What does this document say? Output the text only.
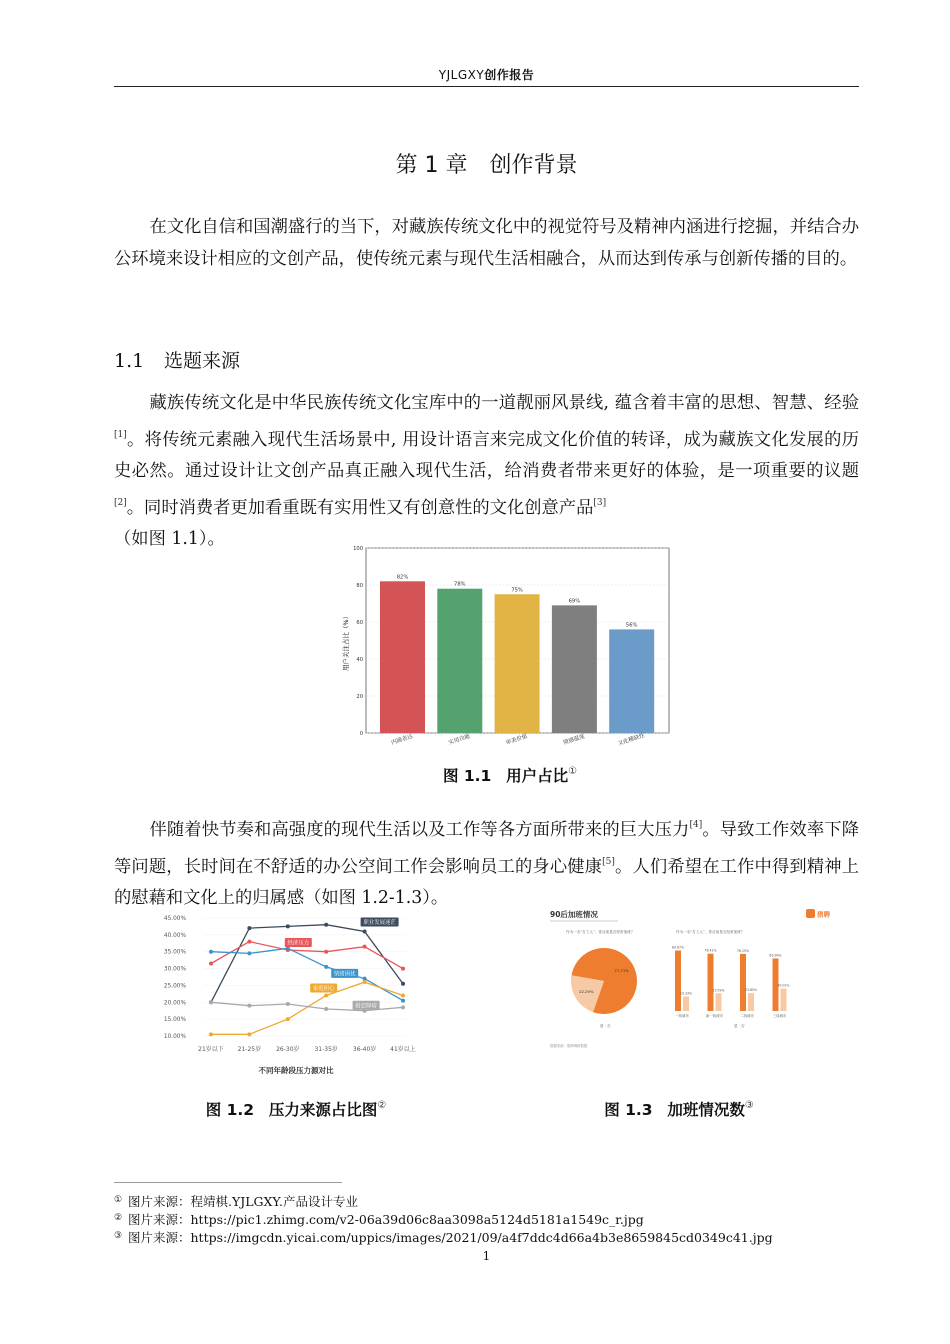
YJLGXY创作报告
第 1 章　创作背景

在文化自信和国潮盛行的当下，对藏族传统文化中的视觉符号及精神内涵进行挖掘，并结合办公环境来设计相应的文创产品，使传统元素与现代生活相融合，从而达到传承与创新传播的目的。

1.1 选题来源

藏族传统文化是中华民族传统文化宝库中的一道靓丽风景线, 蕴含着丰富的思想、智慧、经验[1]。将传统元素融入现代生活场景中, 用设计语言来完成文化价值的转译，成为藏族文化发展的历史必然。通过设计让文创产品真正融入现代生活，给消费者带来更好的体验，是一项重要的议题[2]。同时消费者更加看重既有实用性又有创意性的文化创意产品[3]
（如图 1.1）。

82%
78%
75%
69%
56%
0
20
40
60
80
100
内涵表达	实用功能	审美价值	情感温度	文化稀缺性
用户关注占比（%）
图 1.1 用户占比①

伴随着快节奏和高强度的现代生活以及工作等各方面所带来的巨大压力[4]。导致工作效率下降等问题，长时间在不舒适的办公空间工作会影响员工的身心健康[5]。人们希望在工作中得到精神上的慰藉和文化上的归属感（如图 1.2-1.3）。

10.00%
15.00%
20.00%
25.00%
30.00%
35.00%
40.00%
45.00%
21岁以下 21-25岁 26-30岁 31-35岁 36-40岁 41岁以上
职业发展迷茫
经济压力
情绪困扰
家庭担心
婚恋障碍
不同年龄段压力源对比
图 1.2 压力来源占比图②
90后加班情况
作为一名“打工人”，你目前是否经常加班？
77.71%
22.29%
是 · 否
数据来源：猎聘调研数据
猎聘
作为一名“打工人”，你目前是否经常加班？
80.67%
19.33%
一线城市
76.41%
23.59%
新一线城市
76.15%
23.85%
二线城市
69.99%
30.01%
三线城市
是 · 否
图 1.3 加班情况数③
① 图片来源：程靖棋.YJLGXY.产品设计专业
② 图片来源：https://pic1.zhimg.com/v2-06a39d06c8aa3098a5124d5181a1549c_r.jpg
③ 图片来源：https://imgcdn.yicai.com/uppics/images/2021/09/a4f7ddc4d66a4b3e8659845cd0349c41.jpg
1
